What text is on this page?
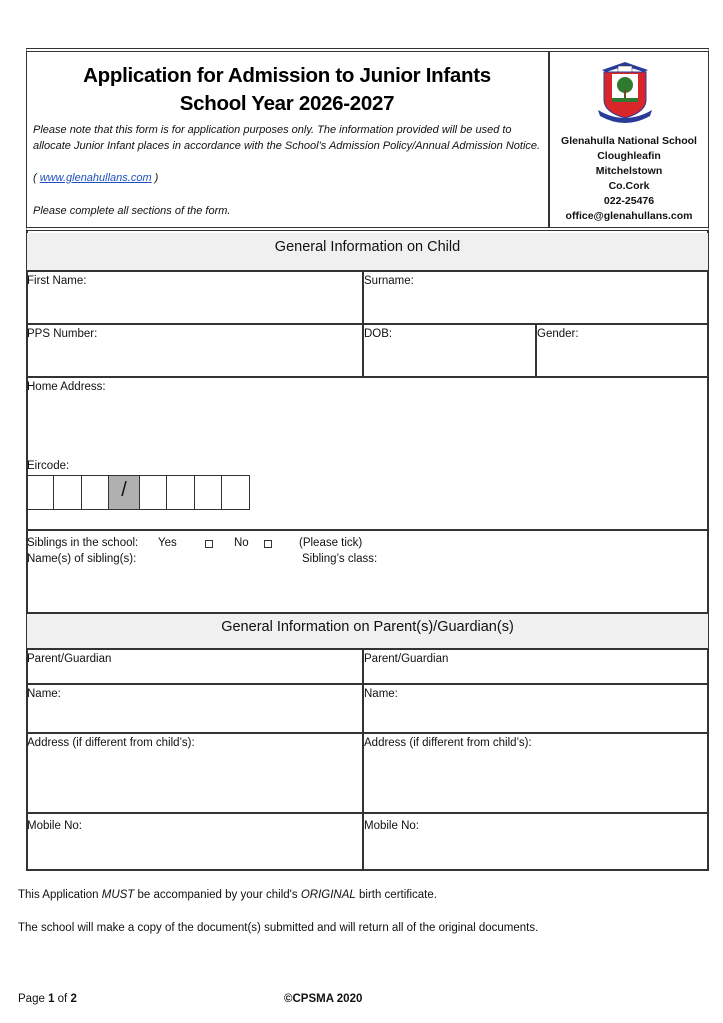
Application for Admission to Junior Infants
School Year 2026-2027
Please note that this form is for application purposes only. The information provided will be used to allocate Junior Infant places in accordance with the School’s Admission Policy/Annual Admission Notice.
( www.glenahullans.com )
Please complete all sections of the form.
Glenahulla National School
Cloughleafin
Mitchelstown
Co.Cork
022-25476
office@glenahullans.com
General Information on Child
First Name:	Surname:
PPS Number:	DOB:	Gender:
Home Address:
Eircode:
/
Siblings in the school: Yes	No	(Please tick)
Name(s) of sibling(s):	Sibling’s class:
General Information on Parent(s)/Guardian(s)
Parent/Guardian	Parent/Guardian
Name:	Name:
Address (if different from child’s):	Address (if different from child’s):
Mobile No:	Mobile No:
This Application MUST be accompanied by your child's ORIGINAL birth certificate.
The school will make a copy of the document(s) submitted and will return all of the original documents.
Page 1 of 2	©CPSMA 2020
